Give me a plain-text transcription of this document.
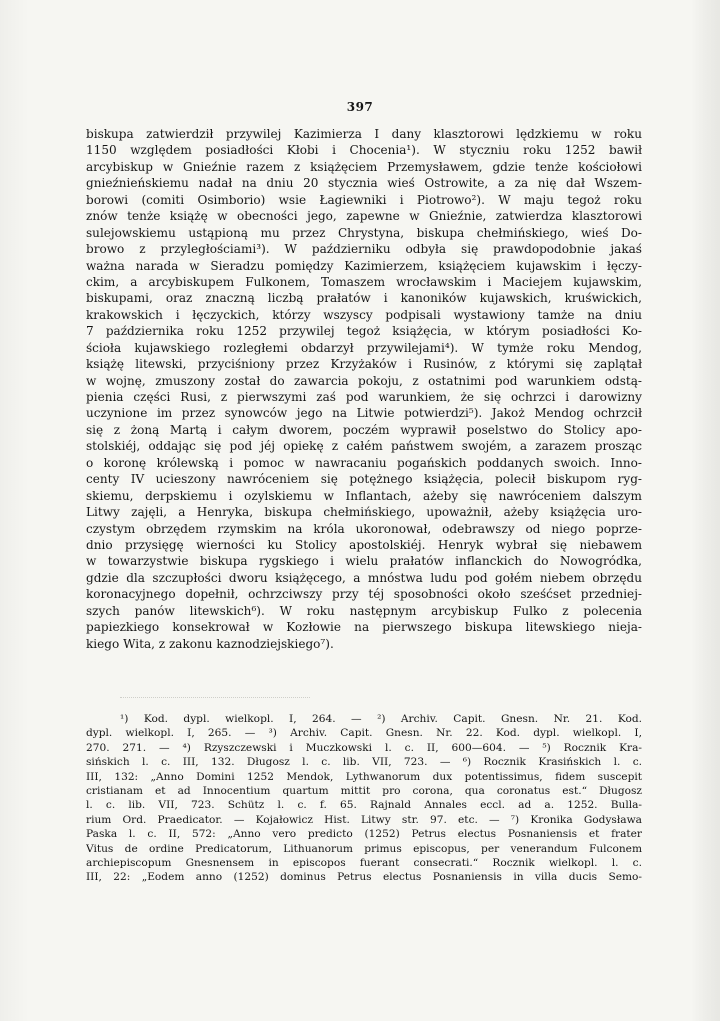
397
biskupa zatwierdził przywilej Kazimierza I dany klasztorowi lędzkiemu w roku
1150 względem posiadłości Kłobi i Chocenia¹). W styczniu roku 1252 bawił
arcybiskup w Gnieźnie razem z książęciem Przemysławem, gdzie tenże kościołowi
gnieźnieńskiemu nadał na dniu 20 stycznia wieś Ostrowite, a za nię dał Wszem-
borowi (comiti Osimborio) wsie Łagiewniki i Piotrowo²). W maju tegoż roku
znów tenże książę w obecności jego, zapewne w Gnieźnie, zatwierdza klasztorowi
sulejowskiemu ustąpioną mu przez Chrystyna, biskupa chełmińskiego, wieś Do-
browo z przyległościami³). W październiku odbyła się prawdopodobnie jakaś
ważna narada w Sieradzu pomiędzy Kazimierzem, książęciem kujawskim i łęczy-
ckim, a arcybiskupem Fulkonem, Tomaszem wrocławskim i Maciejem kujawskim,
biskupami, oraz znaczną liczbą prałatów i kanoników kujawskich, kruświckich,
krakowskich i łęczyckich, którzy wszyscy podpisali wystawiony tamże na dniu
7 października roku 1252 przywilej tegoż książęcia, w którym posiadłości Ko-
ścioła kujawskiego rozległemi obdarzył przywilejami⁴). W tymże roku Mendog,
książę litewski, przyciśniony przez Krzyżaków i Rusinów, z którymi się zaplątał
w wojnę, zmuszony został do zawarcia pokoju, z ostatnimi pod warunkiem odstą-
pienia części Rusi, z pierwszymi zaś pod warunkiem, że się ochrzci i darowizny
uczynione im przez synowców jego na Litwie potwierdzi⁵). Jakoż Mendog ochrzcił
się z żoną Martą i całym dworem, poczém wyprawił poselstwo do Stolicy apo-
stolskiéj, oddając się pod jéj opiekę z całém państwem swojém, a zarazem prosząc
o koronę królewską i pomoc w nawracaniu pogańskich poddanych swoich. Inno-
centy IV ucieszony nawróceniem się potężnego książęcia, polecił biskupom ryg-
skiemu, derpskiemu i ozylskiemu w Inflantach, ażeby się nawróceniem dalszym
Litwy zajęli, a Henryka, biskupa chełmińskiego, upoważnił, ażeby książęcia uro-
czystym obrzędem rzymskim na króla ukoronował, odebrawszy od niego poprze-
dnio przysięgę wierności ku Stolicy apostolskiéj. Henryk wybrał się niebawem
w towarzystwie biskupa rygskiego i wielu prałatów inflanckich do Nowogródka,
gdzie dla szczupłości dworu książęcego, a mnóstwa ludu pod gołém niebem obrzędu
koronacyjnego dopełnił, ochrzciwszy przy téj sposobności około sześćset przedniej-
szych panów litewskich⁶). W roku następnym arcybiskup Fulko z polecenia
papiezkiego konsekrował w Kozłowie na pierwszego biskupa litewskiego nieja-
kiego Wita, z zakonu kaznodziejskiego⁷).
¹) Kod. dypl. wielkopl. I, 264. — ²) Archiv. Capit. Gnesn. Nr. 21. Kod.
dypl. wielkopl. I, 265. — ³) Archiv. Capit. Gnesn. Nr. 22. Kod. dypl. wielkopl. I,
270. 271. — ⁴) Rzyszczewski i Muczkowski l. c. II, 600—604. — ⁵) Rocznik Kra-
sińskich l. c. III, 132. Długosz l. c. lib. VII, 723. — ⁶) Rocznik Krasińskich l. c.
III, 132: „Anno Domini 1252 Mendok, Lythwanorum dux potentissimus, fidem suscepit
cristianam et ad Innocentium quartum mittit pro corona, qua coronatus est.“ Długosz
l. c. lib. VII, 723. Schütz l. c. f. 65. Rajnald Annales eccl. ad a. 1252. Bulla-
rium Ord. Praedicator. — Kojałowicz Hist. Litwy str. 97. etc. — ⁷) Kronika Godysława
Paska l. c. II, 572: „Anno vero predicto (1252) Petrus electus Posnaniensis et frater
Vitus de ordine Predicatorum, Lithuanorum primus episcopus, per venerandum Fulconem
archiepiscopum Gnesnensem in episcopos fuerant consecrati.“ Rocznik wielkopl. l. c.
III, 22: „Eodem anno (1252) dominus Petrus electus Posnaniensis in villa ducis Semo-
